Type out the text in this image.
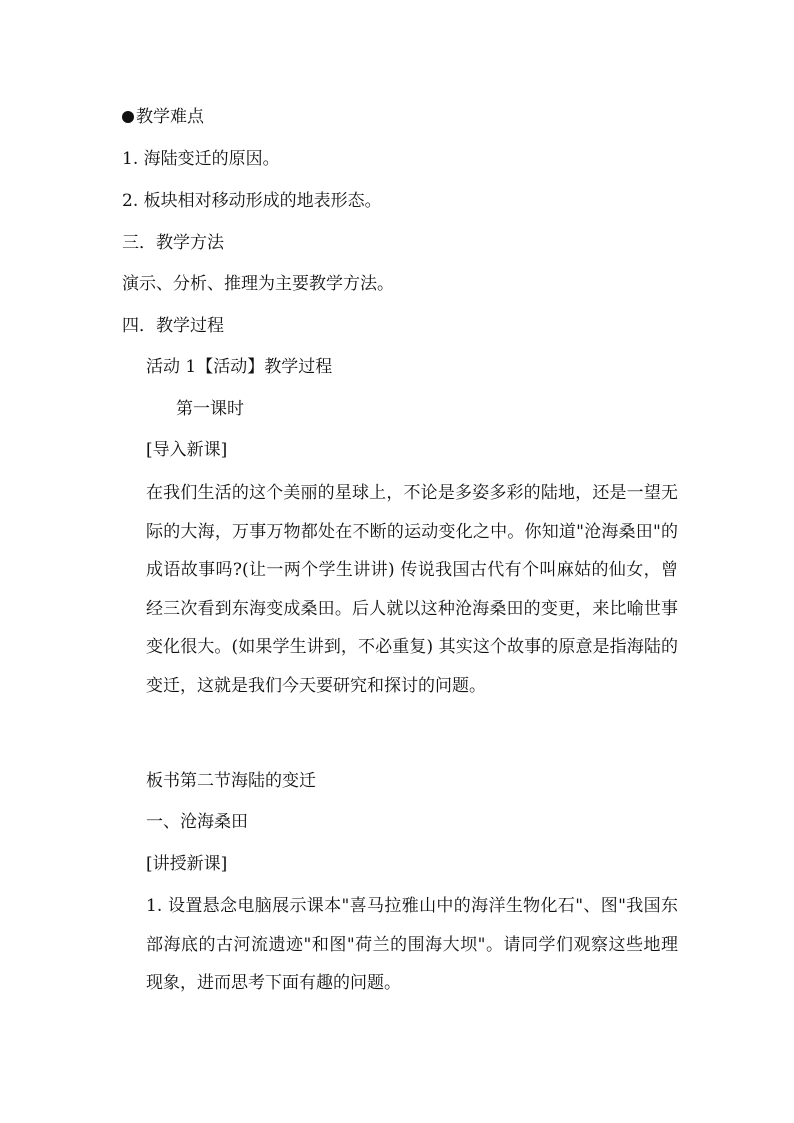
教学难点
1. 海陆变迁的原因。
2. 板块相对移动形成的地表形态。
三．教学方法
演示、分析、推理为主要教学方法。
四．教学过程
活动 1【活动】教学过程
第一课时
[导入新课]
在我们生活的这个美丽的星球上，不论是多姿多彩的陆地，还是一望无际的大海，万事万物都处在不断的运动变化之中。你知道"沧海桑田"的成语故事吗?(让一两个学生讲讲) 传说我国古代有个叫麻姑的仙女，曾经三次看到东海变成桑田。后人就以这种沧海桑田的变更，来比喻世事变化很大。(如果学生讲到，不必重复) 其实这个故事的原意是指海陆的变迁，这就是我们今天要研究和探讨的问题。
板书第二节海陆的变迁
一、沧海桑田
[讲授新课]
1. 设置悬念电脑展示课本"喜马拉雅山中的海洋生物化石"、图"我国东部海底的古河流遗迹"和图"荷兰的围海大坝"。请同学们观察这些地理现象，进而思考下面有趣的问题。
